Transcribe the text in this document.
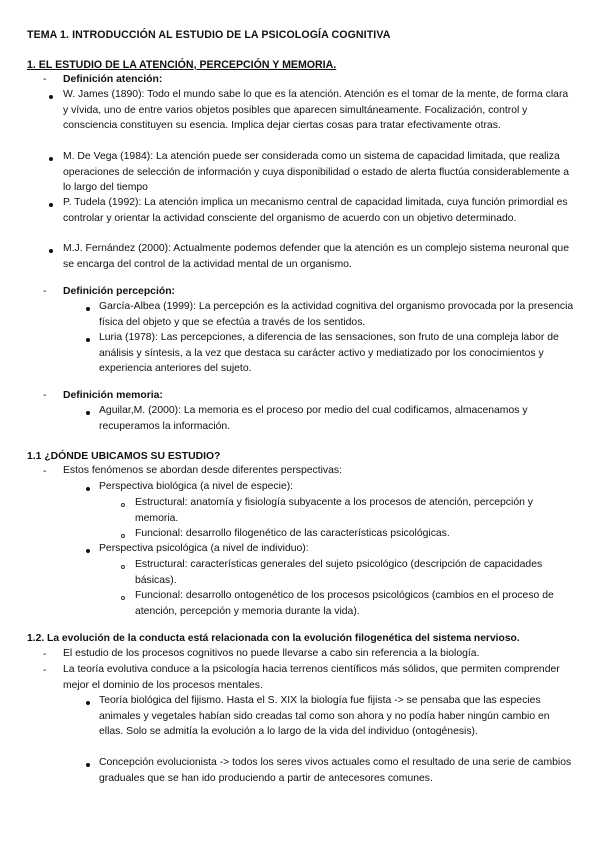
TEMA 1. INTRODUCCIÓN AL ESTUDIO DE LA PSICOLOGÍA COGNITIVA
1. EL ESTUDIO DE LA ATENCIÓN, PERCEPCIÓN Y MEMORIA.
- Definición atención:
W. James (1890): Todo el mundo sabe lo que es la atención. Atención es el tomar de la mente, de forma clara y vívida, uno de entre varios objetos posibles que aparecen simultáneamente. Focalización, control y consciencia constituyen su esencia. Implica dejar ciertas cosas para tratar efectivamente otras.
M. De Vega (1984): La atención puede ser considerada como un sistema de capacidad limitada, que realiza operaciones de selección de información y cuya disponibilidad o estado de alerta fluctúa considerablemente a lo largo del tiempo
P. Tudela (1992): La atención implica un mecanismo central de capacidad limitada, cuya función primordial es controlar y orientar la actividad consciente del organismo de acuerdo con un objetivo determinado.
M.J. Fernández (2000): Actualmente podemos defender que la atención es un complejo sistema neuronal que se encarga del control de la actividad mental de un organismo.
- Definición percepción:
García-Albea (1999): La percepción es la actividad cognitiva del organismo provocada por la presencia física del objeto y que se efectúa a través de los sentidos.
Luria (1978): Las percepciones, a diferencia de las sensaciones, son fruto de una compleja labor de análisis y síntesis, a la vez que destaca su carácter activo y mediatizado por los conocimientos y experiencia anteriores del sujeto.
- Definición memoria:
Aguilar,M. (2000): La memoria es el proceso por medio del cual codificamos, almacenamos y recuperamos la información.
1.1 ¿DÓNDE UBICAMOS SU ESTUDIO?
- Estos fenómenos se abordan desde diferentes perspectivas:
Perspectiva biológica (a nivel de especie):
Estructural: anatomía y fisiología subyacente a los procesos de atención, percepción y memoria.
Funcional: desarrollo filogenético de las características psicológicas.
Perspectiva psicológica (a nivel de individuo):
Estructural: características generales del sujeto psicológico (descripción de capacidades básicas).
Funcional: desarrollo ontogenético de los procesos psicológicos (cambios en el proceso de atención, percepción y memoria durante la vida).
1.2. La evolución de la conducta está relacionada con la evolución filogenética del sistema nervioso.
- El estudio de los procesos cognitivos no puede llevarse a cabo sin referencia a la biología.
- La teoría evolutiva conduce a la psicología hacia terrenos científicos más sólidos, que permiten comprender mejor el dominio de los procesos mentales.
Teoría biológica del fijismo. Hasta el S. XIX la biología fue fijista -> se pensaba que las especies animales y vegetales habían sido creadas tal como son ahora y no podía haber ningún cambio en ellas. Solo se admitía la evolución a lo largo de la vida del individuo (ontogénesis).
Concepción evolucionista -> todos los seres vivos actuales como el resultado de una serie de cambios graduales que se han ido produciendo a partir de antecesores comunes.
